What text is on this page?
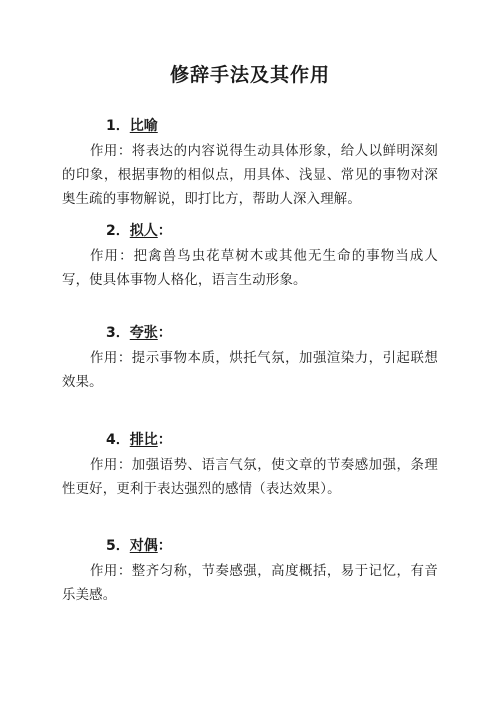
修辞手法及其作用
1．比喻

作用：将表达的内容说得生动具体形象，给人以鲜明深刻的印象，根据事物的相似点，用具体、浅显、常见的事物对深奥生疏的事物解说，即打比方，帮助人深入理解。

2．拟人：

作用：把禽兽鸟虫花草树木或其他无生命的事物当成人写，使具体事物人格化，语言生动形象。

3．夸张：

作用：提示事物本质，烘托气氛，加强渲染力，引起联想效果。

4．排比：

作用：加强语势、语言气氛，使文章的节奏感加强，条理性更好，更利于表达强烈的感情（表达效果）。

5．对偶：

作用：整齐匀称，节奏感强，高度概括，易于记忆，有音乐美感。
